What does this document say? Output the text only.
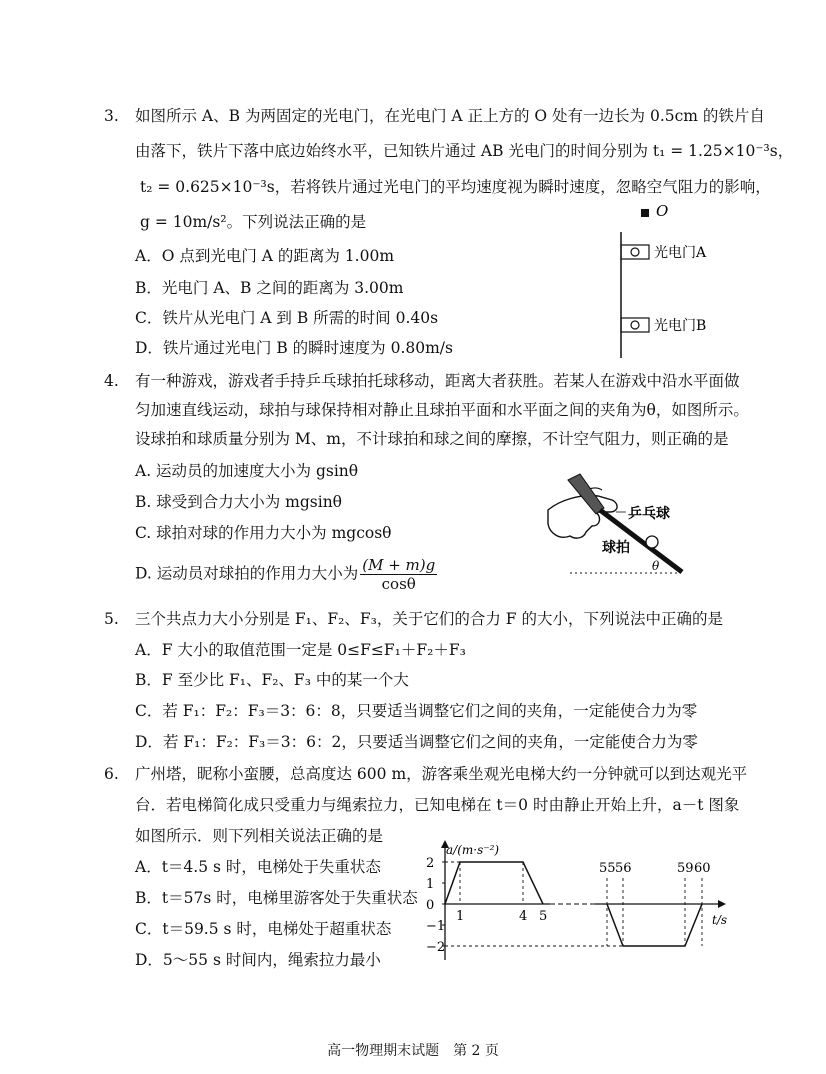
3. 如图所示 A、B 为两固定的光电门，在光电门 A 正上方的 O 处有一边长为 0.5cm 的铁片自
由落下，铁片下落中底边始终水平，已知铁片通过 AB 光电门的时间分别为 t₁ = 1.25×10⁻³s，
t₂ = 0.625×10⁻³s，若将铁片通过光电门的平均速度视为瞬时速度，忽略空气阻力的影响，
g = 10m/s²。下列说法正确的是
A．O 点到光电门 A 的距离为 1.00m
B．光电门 A、B 之间的距离为 3.00m
C．铁片从光电门 A 到 B 所需的时间 0.40s
D．铁片通过光电门 B 的瞬时速度为 0.80m/s
O
光电门A
光电门B
4. 有一种游戏，游戏者手持乒乓球拍托球移动，距离大者获胜。若某人在游戏中沿水平面做
匀加速直线运动，球拍与球保持相对静止且球拍平面和水平面之间的夹角为θ，如图所示。
设球拍和球质量分别为 M、m，不计球拍和球之间的摩擦，不计空气阻力，则正确的是
A. 运动员的加速度大小为 gsinθ
B. 球受到合力大小为 mgsinθ
C. 球拍对球的作用力大小为 mgcosθ
D. 运动员对球拍的作用力大小为 $\frac{(M + m)g}{\cos\theta}$
乒乓球
球拍
θ
5. 三个共点力大小分别是 F₁、F₂、F₃，关于它们的合力 F 的大小，下列说法中正确的是
A．F 大小的取值范围一定是 0≤F≤F₁＋F₂＋F₃
B．F 至少比 F₁、F₂、F₃ 中的某一个大
C．若 F₁：F₂：F₃＝3：6：8，只要适当调整它们之间的夹角，一定能使合力为零
D．若 F₁：F₂：F₃＝3：6：2，只要适当调整它们之间的夹角，一定能使合力为零
6. 广州塔，昵称小蛮腰，总高度达 600 m，游客乘坐观光电梯大约一分钟就可以到达观光平
台．若电梯简化成只受重力与绳索拉力，已知电梯在 t＝0 时由静止开始上升，a－t 图象
如图所示．则下列相关说法正确的是
A．t＝4.5 s 时，电梯处于失重状态
B．t＝57s 时，电梯里游客处于失重状态
C．t＝59.5 s 时，电梯处于超重状态
D．5～55 s 时间内，绳索拉力最小
a/(m·s⁻²)
t/s
2
1
0
−1
−2
1	4 5
55 56	59 60
高一物理期末试题　第 2 页
